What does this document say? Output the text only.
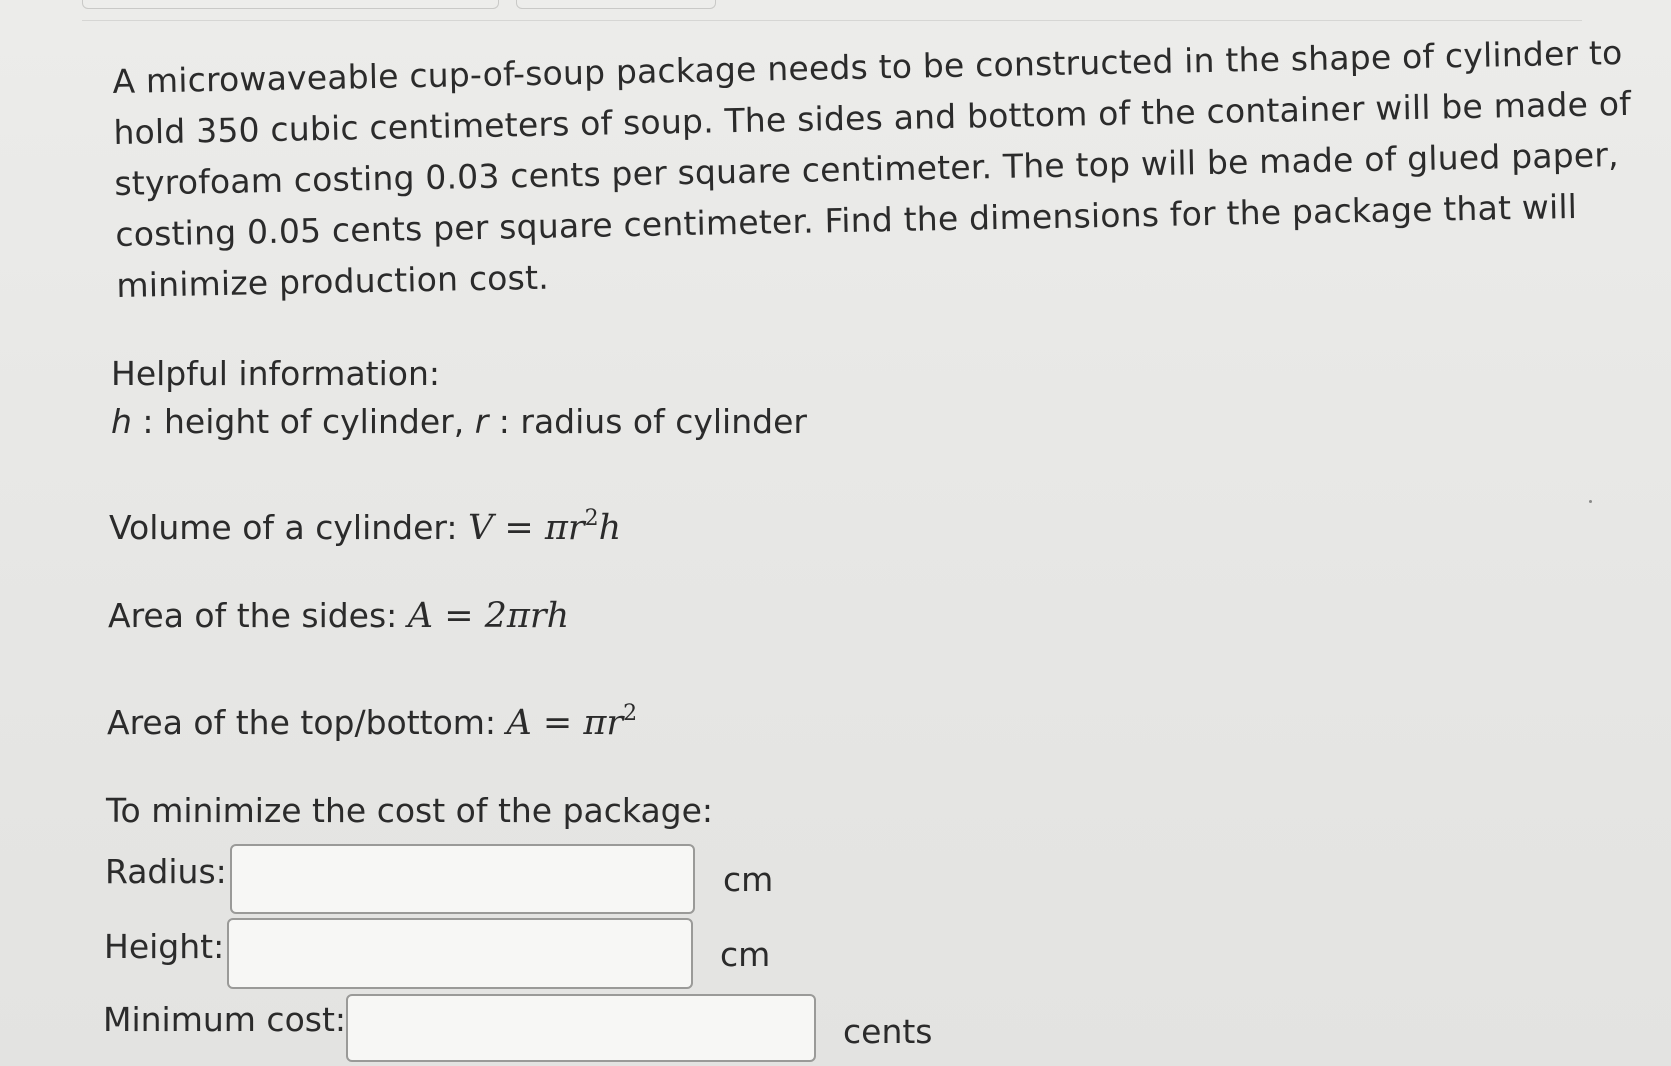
A microwaveable cup-of-soup package needs to be constructed in the shape of cylinder to
hold 350 cubic centimeters of soup. The sides and bottom of the container will be made of
styrofoam costing 0.03 cents per square centimeter. The top will be made of glued paper,
costing 0.05 cents per square centimeter. Find the dimensions for the package that will
minimize production cost.

Helpful information:
h : height of cylinder, r : radius of cylinder
Volume of a cylinder: $V = \pi r^2h$
Area of the sides: A = 2πrh
Area of the top/bottom: $A = \pi r^2$
To minimize the cost of the package:
Radius:	cm
Height:	cm
Minimum cost:	cents
